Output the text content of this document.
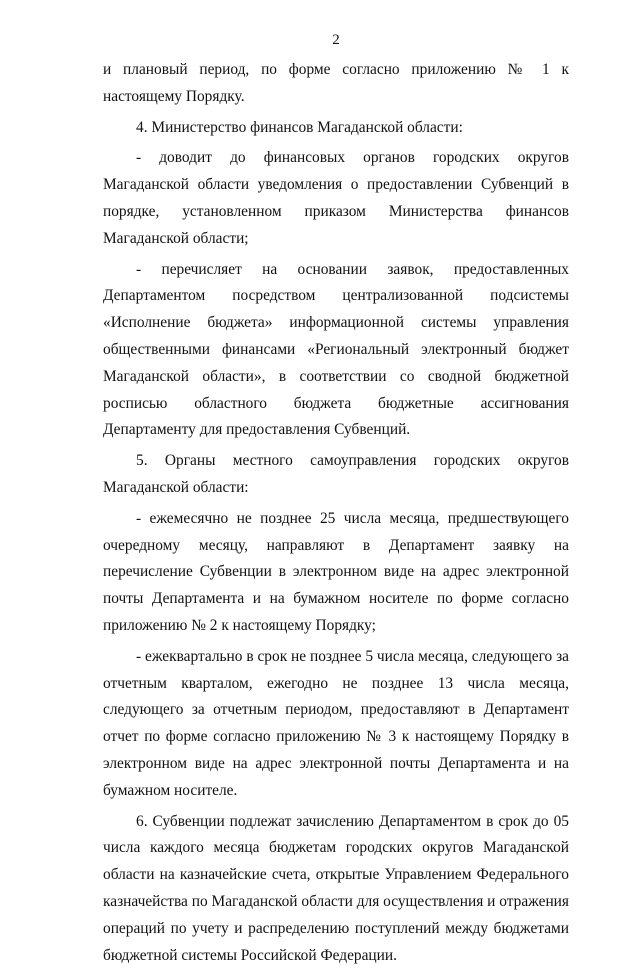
2

и плановый период, по форме согласно приложению № 1 к настоящему Порядку.

4. Министерство финансов Магаданской области:

- доводит до финансовых органов городских округов Магаданской области уведомления о предоставлении Субвенций в порядке, установленном приказом Министерства финансов Магаданской области;

- перечисляет на основании заявок, предоставленных Департаментом посредством централизованной подсистемы «Исполнение бюджета» информационной системы управления общественными финансами «Региональный электронный бюджет Магаданской области», в соответствии со сводной бюджетной росписью областного бюджета бюджетные ассигнования Департаменту для предоставления Субвенций.

5. Органы местного самоуправления городских округов Магаданской области:

- ежемесячно не позднее 25 числа месяца, предшествующего очередному месяцу, направляют в Департамент заявку на перечисление Субвенции в электронном виде на адрес электронной почты Департамента и на бумажном носителе по форме согласно приложению № 2 к настоящему Порядку;

- ежеквартально в срок не позднее 5 числа месяца, следующего за отчетным кварталом, ежегодно не позднее 13 числа месяца, следующего за отчетным периодом, предоставляют в Департамент отчет по форме согласно приложению № 3 к настоящему Порядку в электронном виде на адрес электронной почты Департамента и на бумажном носителе.

6. Субвенции подлежат зачислению Департаментом в срок до 05 числа каждого месяца бюджетам городских округов Магаданской области на казначейские счета, открытые Управлением Федерального казначейства по Магаданской области для осуществления и отражения операций по учету и распределению поступлений между бюджетами бюджетной системы Российской Федерации.
